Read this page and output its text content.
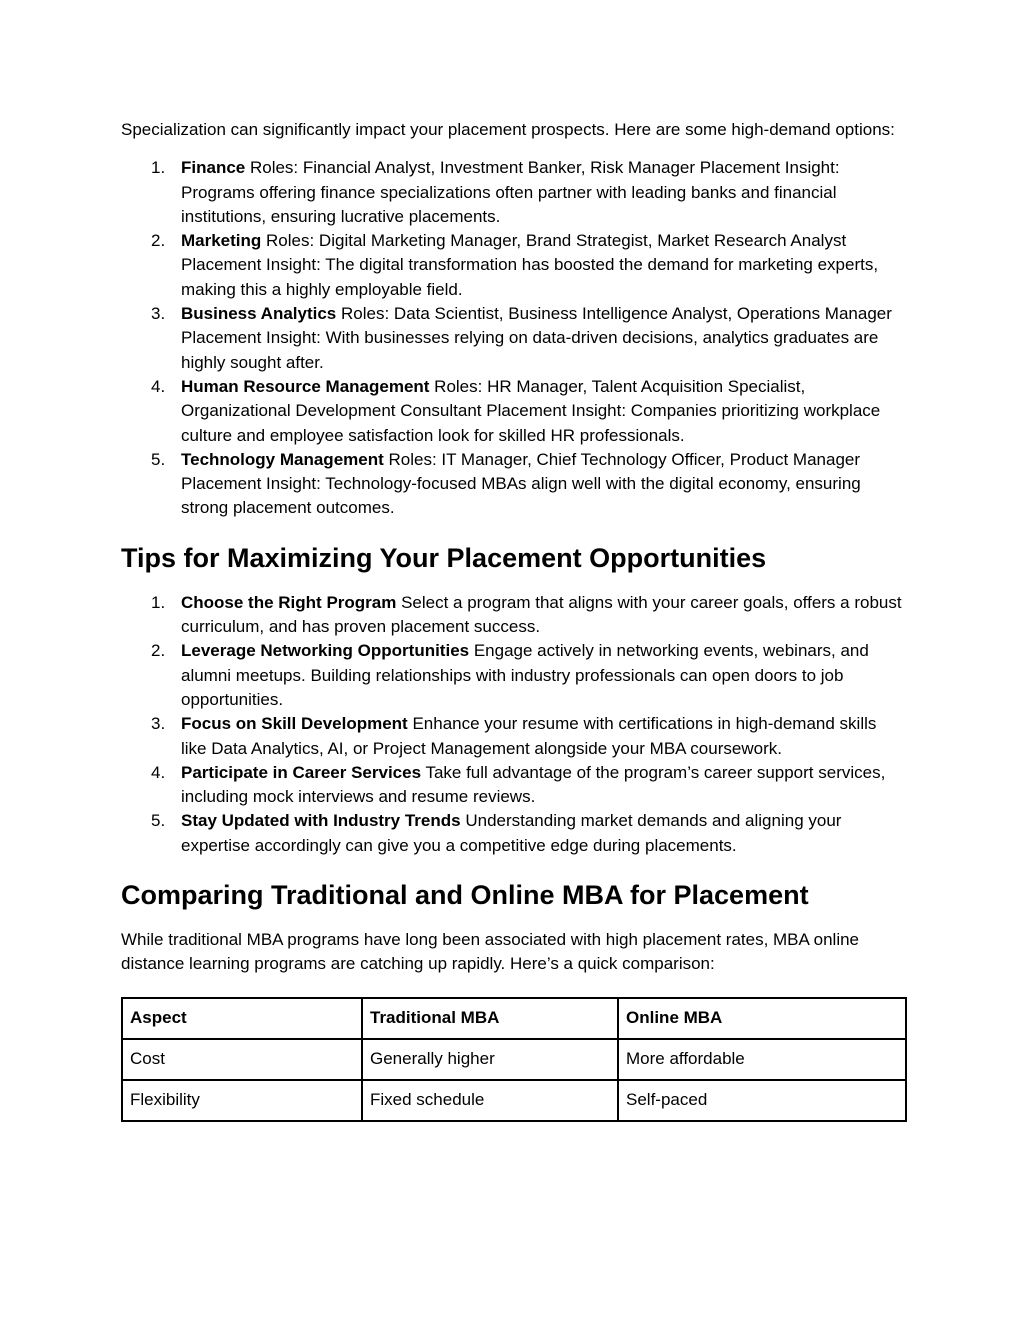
Specialization can significantly impact your placement prospects. Here are some high-demand options:

1. Finance Roles: Financial Analyst, Investment Banker, Risk Manager Placement Insight: Programs offering finance specializations often partner with leading banks and financial institutions, ensuring lucrative placements.
2. Marketing Roles: Digital Marketing Manager, Brand Strategist, Market Research Analyst Placement Insight: The digital transformation has boosted the demand for marketing experts, making this a highly employable field.
3. Business Analytics Roles: Data Scientist, Business Intelligence Analyst, Operations Manager Placement Insight: With businesses relying on data-driven decisions, analytics graduates are highly sought after.
4. Human Resource Management Roles: HR Manager, Talent Acquisition Specialist, Organizational Development Consultant Placement Insight: Companies prioritizing workplace culture and employee satisfaction look for skilled HR professionals.
5. Technology Management Roles: IT Manager, Chief Technology Officer, Product Manager Placement Insight: Technology-focused MBAs align well with the digital economy, ensuring strong placement outcomes.
Tips for Maximizing Your Placement Opportunities
1. Choose the Right Program Select a program that aligns with your career goals, offers a robust curriculum, and has proven placement success.
2. Leverage Networking Opportunities Engage actively in networking events, webinars, and alumni meetups. Building relationships with industry professionals can open doors to job opportunities.
3. Focus on Skill Development Enhance your resume with certifications in high-demand skills like Data Analytics, AI, or Project Management alongside your MBA coursework.
4. Participate in Career Services Take full advantage of the program’s career support services, including mock interviews and resume reviews.
5. Stay Updated with Industry Trends Understanding market demands and aligning your expertise accordingly can give you a competitive edge during placements.
Comparing Traditional and Online MBA for Placement

While traditional MBA programs have long been associated with high placement rates, MBA online distance learning programs are catching up rapidly. Here’s a quick comparison:

Aspect	Traditional MBA	Online MBA
Cost	Generally higher	More affordable
Flexibility	Fixed schedule	Self-paced
